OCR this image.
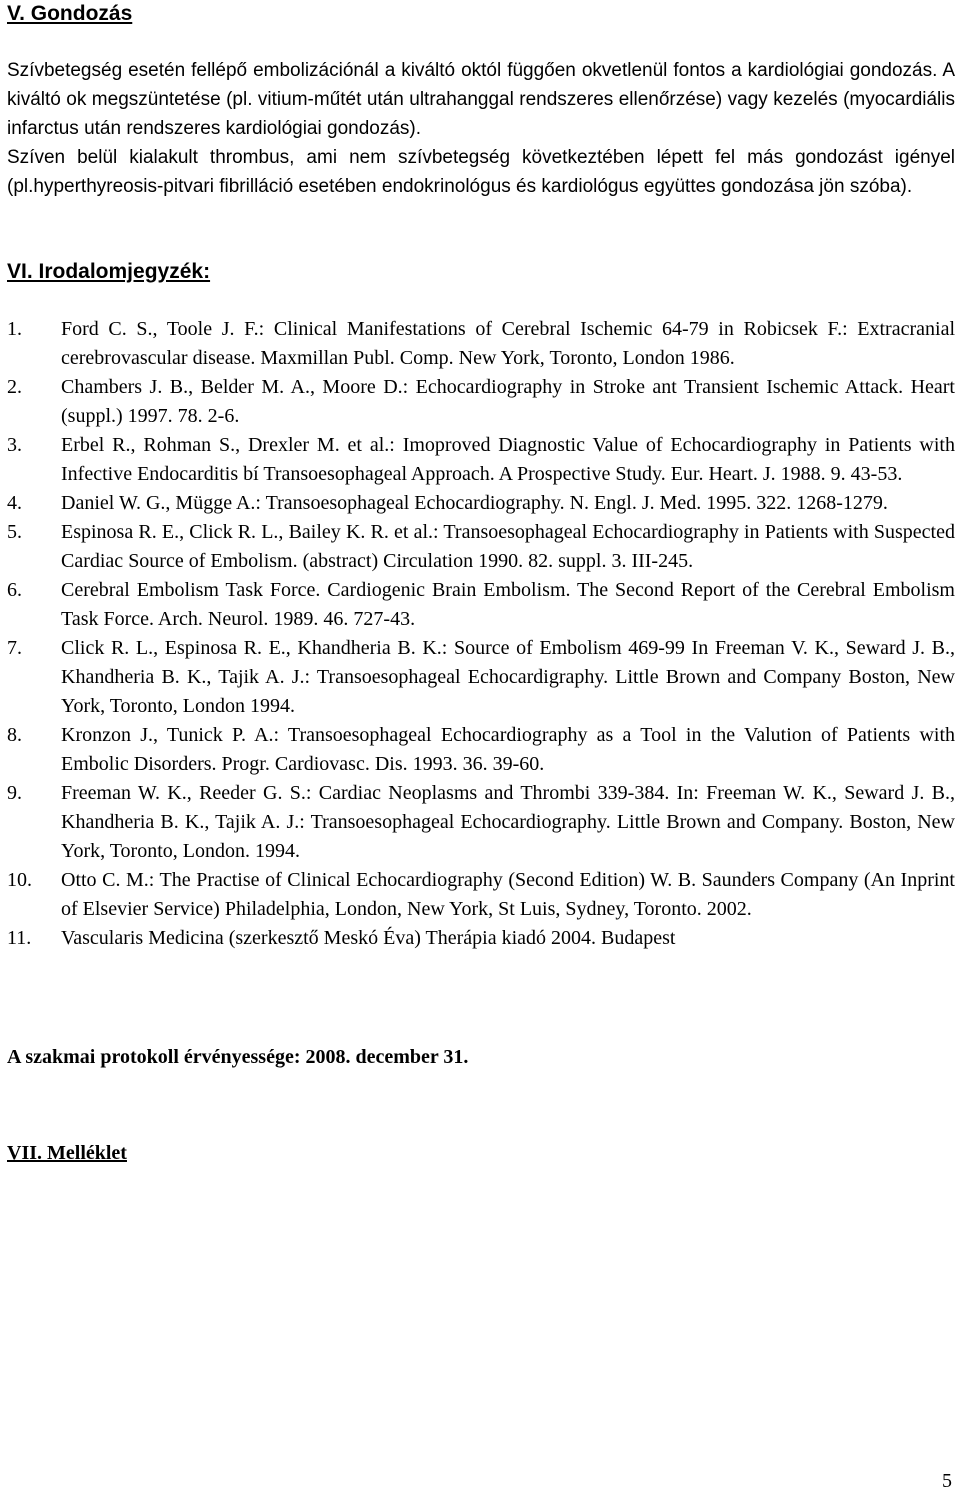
V. Gondozás

Szívbetegség esetén fellépő embolizációnál a kiváltó októl függően okvetlenül fontos a kardiológiai gondozás. A kiváltó ok megszüntetése (pl. vitium-műtét után ultrahanggal rendszeres ellenőrzése) vagy kezelés (myocardiális infarctus után rendszeres kardiológiai gondozás).

Szíven belül kialakult thrombus, ami nem szívbetegség következtében lépett fel más gondozást igényel (pl.hyperthyreosis-pitvari fibrilláció esetében endokrinológus és kardiológus együttes gondozása jön szóba).

VI. Irodalomjegyzék:
1.	Ford C. S., Toole J. F.: Clinical Manifestations of Cerebral Ischemic 64-79 in Robicsek F.: Extracranial cerebrovascular disease. Maxmillan Publ. Comp. New York, Toronto, London 1986.
2.	Chambers J. B., Belder M. A., Moore D.: Echocardiography in Stroke ant Transient Ischemic Attack. Heart (suppl.) 1997. 78. 2-6.
3.	Erbel R., Rohman S., Drexler M. et al.: Imoproved Diagnostic Value of Echocardiography in Patients with Infective Endocarditis bí Transoesophageal Approach. A Prospective Study. Eur. Heart. J. 1988. 9. 43-53.
4.	Daniel W. G., Mügge A.: Transoesophageal Echocardiography. N. Engl. J. Med. 1995. 322. 1268-1279.
5.	Espinosa R. E., Click R. L., Bailey K. R. et al.: Transoesophageal Echocardiography in Patients with Suspected Cardiac Source of Embolism. (abstract) Circulation 1990. 82. suppl. 3. III-245.
6.	Cerebral Embolism Task Force. Cardiogenic Brain Embolism. The Second Report of the Cerebral Embolism Task Force. Arch. Neurol. 1989. 46. 727-43.
7.	Click R. L., Espinosa R. E., Khandheria B. K.: Source of Embolism 469-99 In Freeman V. K., Seward J. B., Khandheria B. K., Tajik A. J.: Transoesophageal Echocardigraphy. Little Brown and Company Boston, New York, Toronto, London 1994.
8.	Kronzon J., Tunick P. A.: Transoesophageal Echocardiography as a Tool in the Valution of Patients with Embolic Disorders. Progr. Cardiovasc. Dis. 1993. 36. 39-60.
9.	Freeman W. K., Reeder G. S.: Cardiac Neoplasms and Thrombi 339-384. In: Freeman W. K., Seward J. B., Khandheria B. K., Tajik A. J.: Transoesophageal Echocardiography. Little Brown and Company. Boston, New York, Toronto, London. 1994.
10.	Otto C. M.: The Practise of Clinical Echocardiography (Second Edition) W. B. Saunders Company (An Inprint of Elsevier Service) Philadelphia, London, New York, St Luis, Sydney, Toronto. 2002.
11.	Vascularis Medicina (szerkesztő Meskó Éva) Therápia kiadó 2004. Budapest

A szakmai protokoll érvényessége: 2008. december 31.

VII. Melléklet
5
